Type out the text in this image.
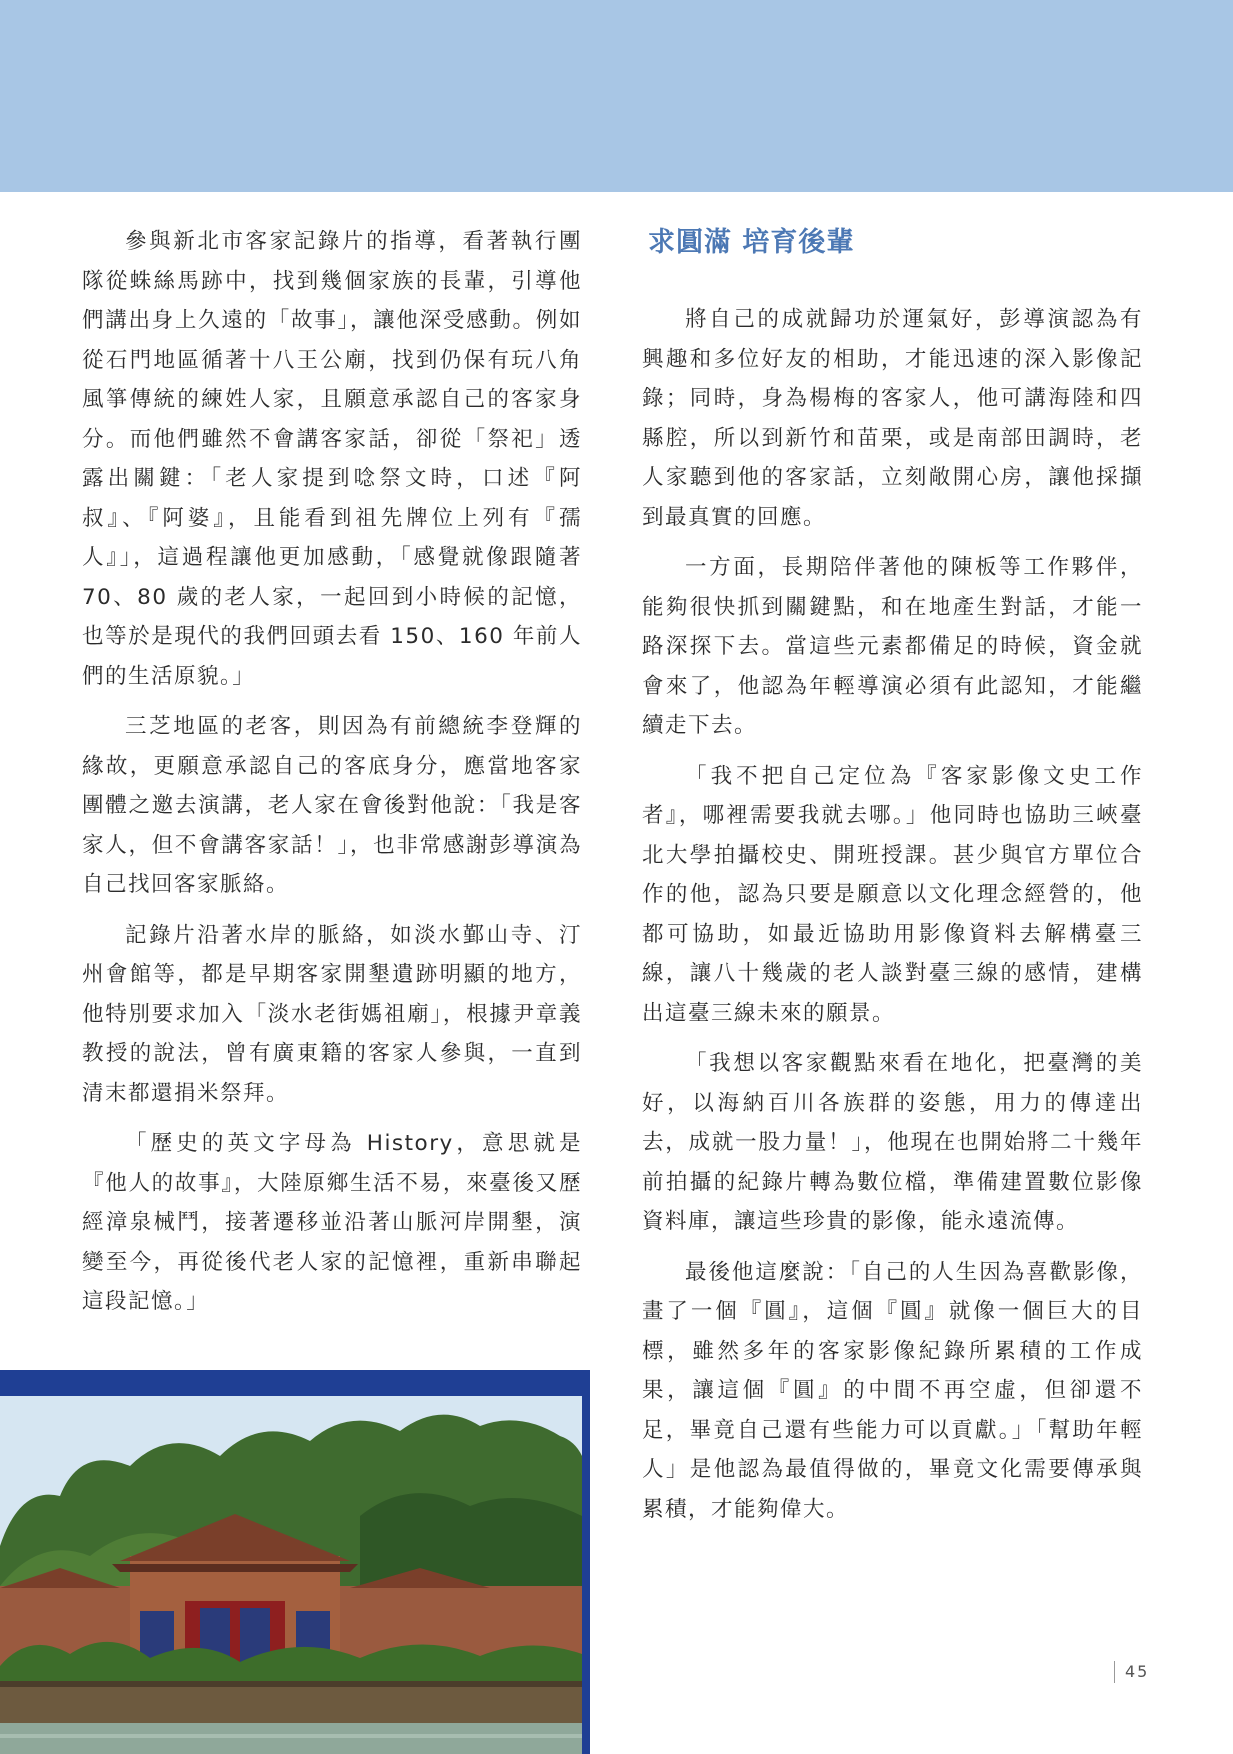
參與新北市客家記錄片的指導，看著執行團隊從蛛絲馬跡中，找到幾個家族的長輩，引導他們講出身上久遠的「故事」，讓他深受感動。例如從石門地區循著十八王公廟，找到仍保有玩八角風箏傳統的練姓人家，且願意承認自己的客家身分。而他們雖然不會講客家話，卻從「祭祀」透露出關鍵：「老人家提到唸祭文時，口述『阿叔』、『阿婆』，且能看到祖先牌位上列有『孺人』」，這過程讓他更加感動，「感覺就像跟隨著 70、80 歲的老人家，一起回到小時候的記憶，也等於是現代的我們回頭去看 150、160 年前人們的生活原貌。」

三芝地區的老客，則因為有前總統李登輝的緣故，更願意承認自己的客底身分，應當地客家團體之邀去演講，老人家在會後對他說：「我是客家人，但不會講客家話！」，也非常感謝彭導演為自己找回客家脈絡。

記錄片沿著水岸的脈絡，如淡水鄞山寺、汀州會館等，都是早期客家開墾遺跡明顯的地方，他特別要求加入「淡水老街媽祖廟」，根據尹章義教授的說法，曾有廣東籍的客家人參與，一直到清末都還捐米祭拜。

「歷史的英文字母為 History，意思就是『他人的故事』，大陸原鄉生活不易，來臺後又歷經漳泉械鬥，接著遷移並沿著山脈河岸開墾，演變至今，再從後代老人家的記憶裡，重新串聯起這段記憶。」

求圓滿 培育後輩

將自己的成就歸功於運氣好，彭導演認為有興趣和多位好友的相助，才能迅速的深入影像記錄；同時，身為楊梅的客家人，他可講海陸和四縣腔，所以到新竹和苗栗，或是南部田調時，老人家聽到他的客家話，立刻敞開心房，讓他採擷到最真實的回應。

一方面，長期陪伴著他的陳板等工作夥伴，能夠很快抓到關鍵點，和在地產生對話，才能一路深探下去。當這些元素都備足的時候，資金就會來了，他認為年輕導演必須有此認知，才能繼續走下去。

「我不把自己定位為『客家影像文史工作者』，哪裡需要我就去哪。」他同時也協助三峽臺北大學拍攝校史、開班授課。甚少與官方單位合作的他，認為只要是願意以文化理念經營的，他都可協助，如最近協助用影像資料去解構臺三線，讓八十幾歲的老人談對臺三線的感情，建構出這臺三線未來的願景。

「我想以客家觀點來看在地化，把臺灣的美好，以海納百川各族群的姿態，用力的傳達出去，成就一股力量！」，他現在也開始將二十幾年前拍攝的紀錄片轉為數位檔，準備建置數位影像資料庫，讓這些珍貴的影像，能永遠流傳。

最後他這麼說：「自己的人生因為喜歡影像，畫了一個『圓』，這個『圓』就像一個巨大的目標，雖然多年的客家影像紀錄所累積的工作成果，讓這個『圓』的中間不再空虛，但卻還不足，畢竟自己還有些能力可以貢獻。」「幫助年輕人」是他認為最值得做的，畢竟文化需要傳承與累積，才能夠偉大。

45
